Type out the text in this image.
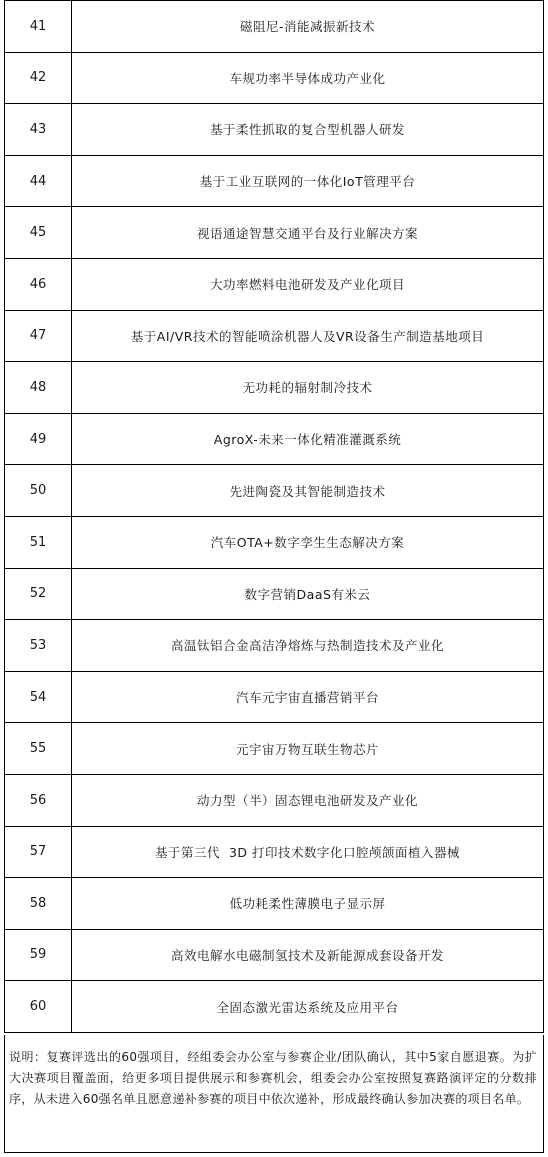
41	磁阻尼-消能减振新技术
42	车规功率半导体成功产业化
43	基于柔性抓取的复合型机器人研发
44	基于工业互联网的一体化IoT管理平台
45	视语通途智慧交通平台及行业解决方案
46	大功率燃料电池研发及产业化项目
47	基于AI/VR技术的智能喷涂机器人及VR设备生产制造基地项目
48	无功耗的辐射制冷技术
49	AgroX-未来一体化精准灌溉系统
50	先进陶瓷及其智能制造技术
51	汽车OTA+数字孪生生态解决方案
52	数字营销DaaS有米云
53	高温钛铝合金高洁净熔炼与热制造技术及产业化
54	汽车元宇宙直播营销平台
55	元宇宙万物互联生物芯片
56	动力型（半）固态锂电池研发及产业化
57	基于第三代  3D 打印技术数字化口腔颅颌面植入器械
58	低功耗柔性薄膜电子显示屏
59	高效电解水电磁制氢技术及新能源成套设备开发
60	全固态激光雷达系统及应用平台
说明：复赛评选出的60强项目，经组委会办公室与参赛企业/团队确认，其中5家自愿退赛。为扩大决赛项目覆盖面，给更多项目提供展示和参赛机会，组委会办公室按照复赛路演评定的分数排序，从未进入60强名单且愿意递补参赛的项目中依次递补，形成最终确认参加决赛的项目名单。
